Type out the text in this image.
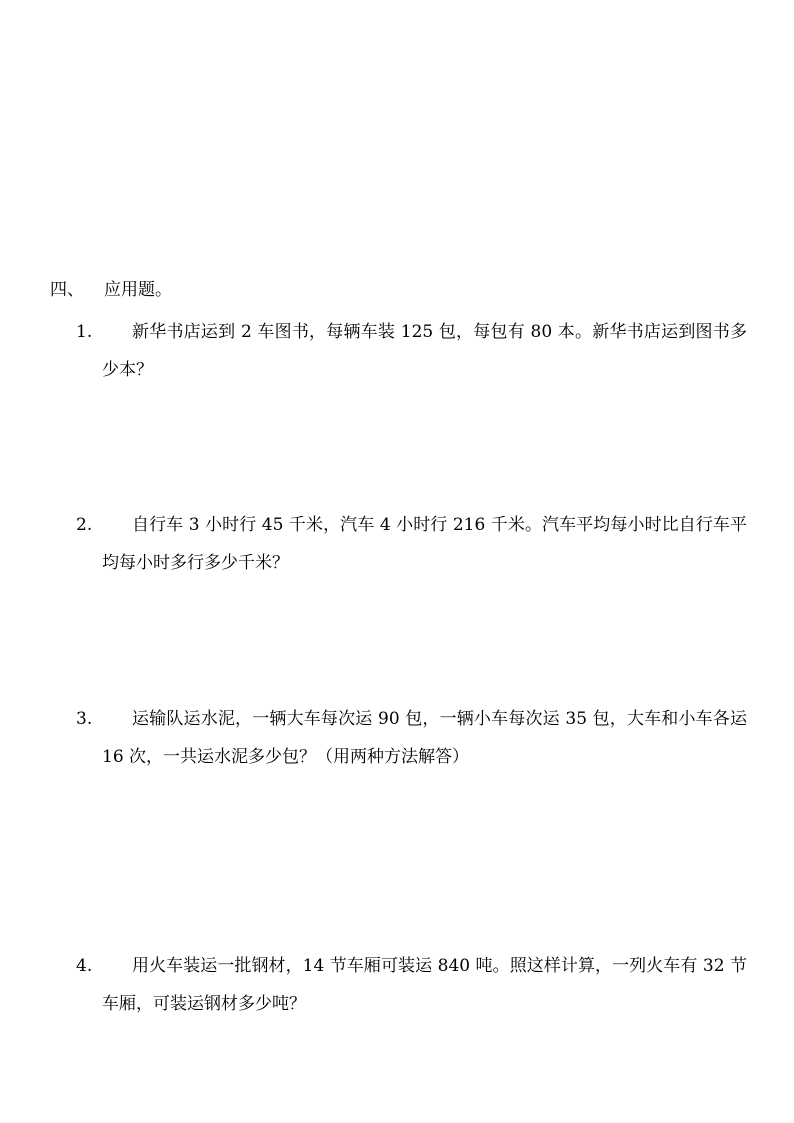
四、 应用题。
1.	新华书店运到 2 车图书，每辆车装 125 包，每包有 80 本。新华书店运到图书多少本？
2.	自行车 3 小时行 45 千米，汽车 4 小时行 216 千米。汽车平均每小时比自行车平均每小时多行多少千米？
3.	运输队运水泥，一辆大车每次运 90 包，一辆小车每次运 35 包，大车和小车各运 16 次，一共运水泥多少包？（用两种方法解答）
4.	用火车装运一批钢材，14 节车厢可装运 840 吨。照这样计算，一列火车有 32 节车厢，可装运钢材多少吨？
